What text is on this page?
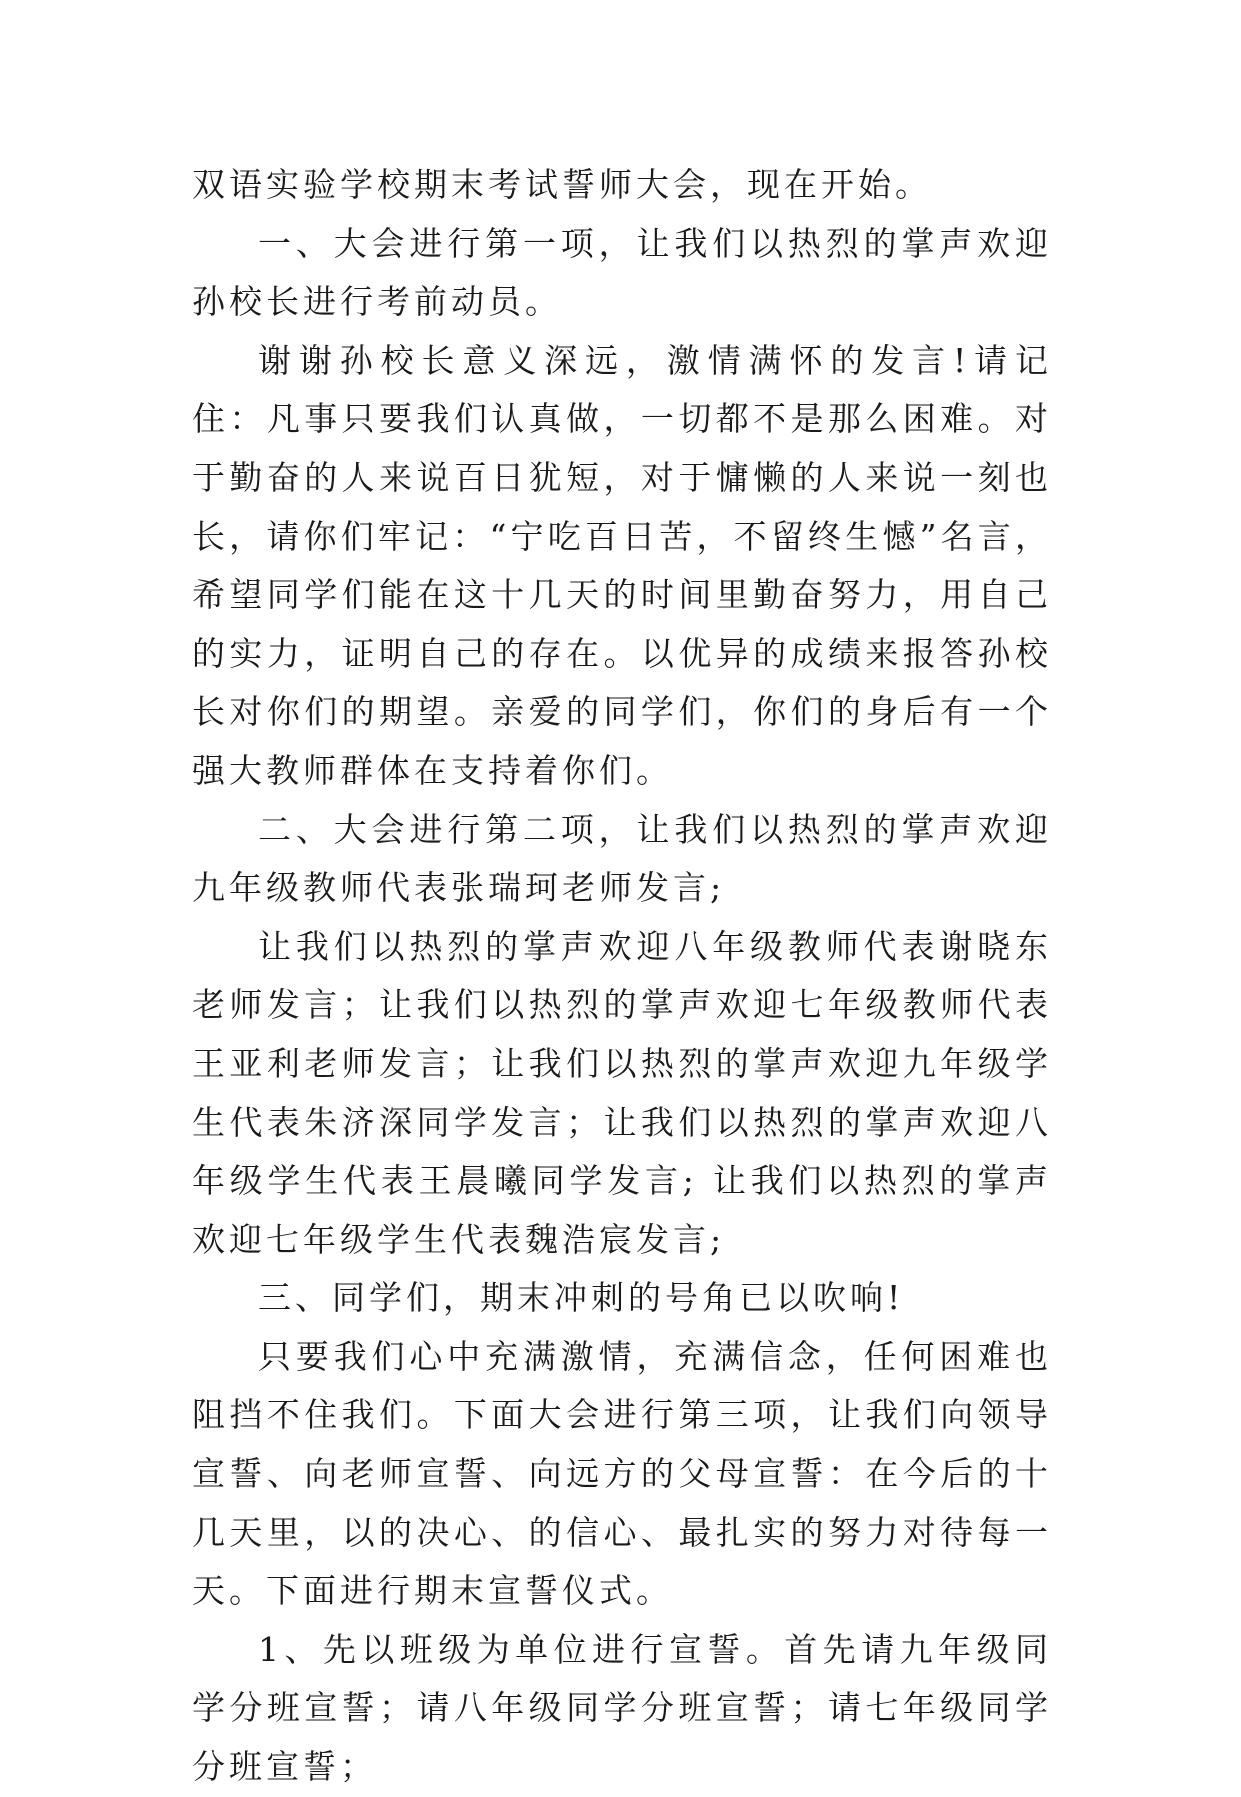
双语实验学校期末考试誓师大会，现在开始。

一、大会进行第一项，让我们以热烈的掌声欢迎孙校长进行考前动员。

谢谢孙校长意义深远，激情满怀的发言!请记住：凡事只要我们认真做，一切都不是那么困难。对于勤奋的人来说百日犹短，对于慵懒的人来说一刻也长，请你们牢记：“宁吃百日苦，不留终生憾”名言，希望同学们能在这十几天的时间里勤奋努力，用自己的实力，证明自己的存在。以优异的成绩来报答孙校长对你们的期望。亲爱的同学们，你们的身后有一个强大教师群体在支持着你们。

二、大会进行第二项，让我们以热烈的掌声欢迎九年级教师代表张瑞珂老师发言;

让我们以热烈的掌声欢迎八年级教师代表谢晓东老师发言；让我们以热烈的掌声欢迎七年级教师代表王亚利老师发言；让我们以热烈的掌声欢迎九年级学生代表朱济深同学发言；让我们以热烈的掌声欢迎八年级学生代表王晨曦同学发言; 让我们以热烈的掌声欢迎七年级学生代表魏浩宸发言;

三、同学们，期末冲刺的号角已以吹响!

只要我们心中充满激情，充满信念，任何困难也阻挡不住我们。下面大会进行第三项，让我们向领导宣誓、向老师宣誓、向远方的父母宣誓：在今后的十几天里，以的决心、的信心、最扎实的努力对待每一天。下面进行期末宣誓仪式。

1、先以班级为单位进行宣誓。首先请九年级同学分班宣誓；请八年级同学分班宣誓；请七年级同学分班宣誓；
